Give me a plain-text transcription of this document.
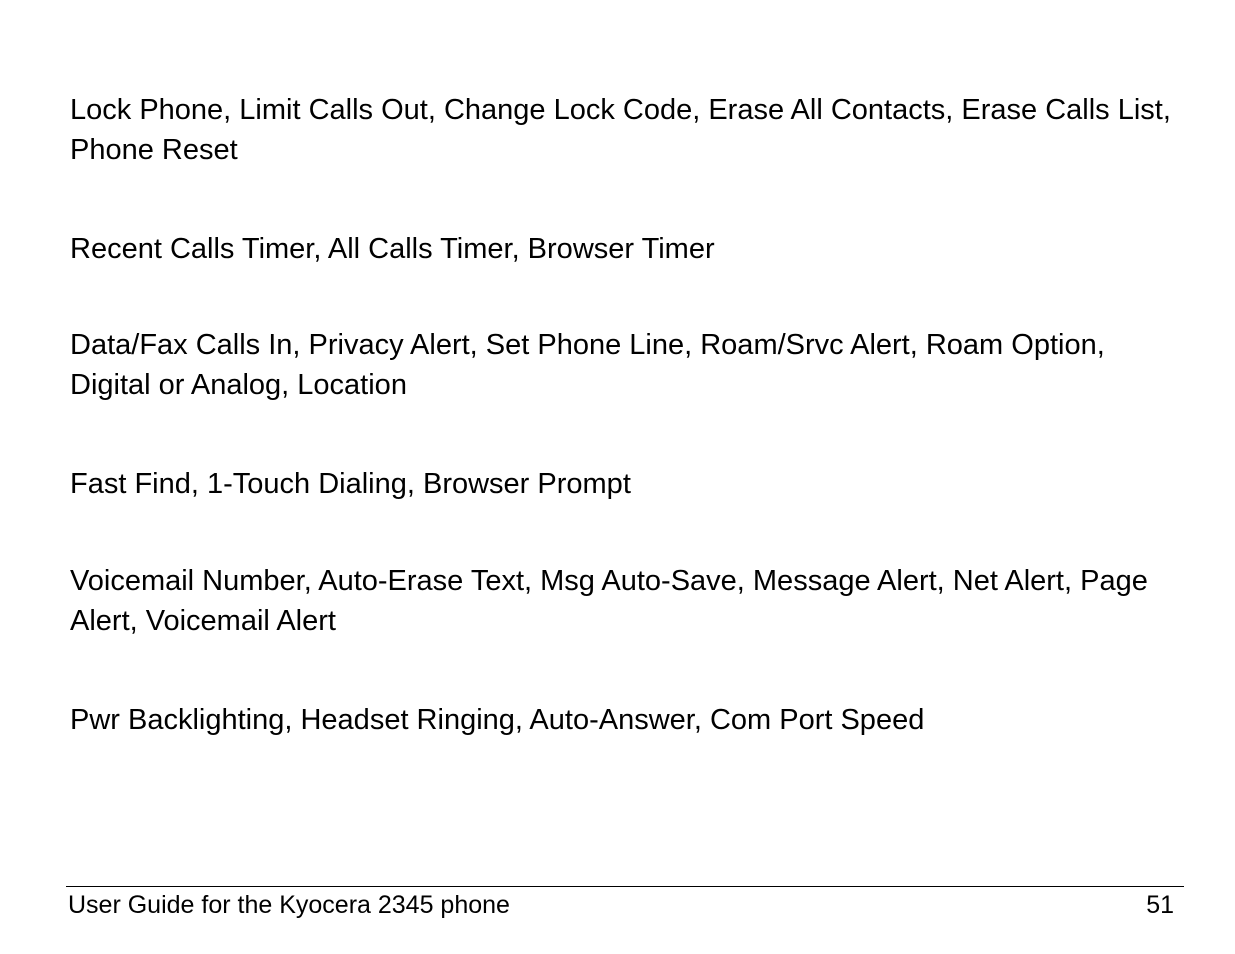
Lock Phone, Limit Calls Out, Change Lock Code, Erase All Contacts, Erase Calls List, Phone Reset

Recent Calls Timer, All Calls Timer, Browser Timer

Data/Fax Calls In, Privacy Alert, Set Phone Line, Roam/Srvc Alert, Roam Option, Digital or Analog, Location

Fast Find, 1-Touch Dialing, Browser Prompt

Voicemail Number, Auto-Erase Text, Msg Auto-Save, Message Alert, Net Alert, Page Alert, Voicemail Alert

Pwr Backlighting, Headset Ringing, Auto-Answer, Com Port Speed

User Guide for the Kyocera 2345 phone	51
